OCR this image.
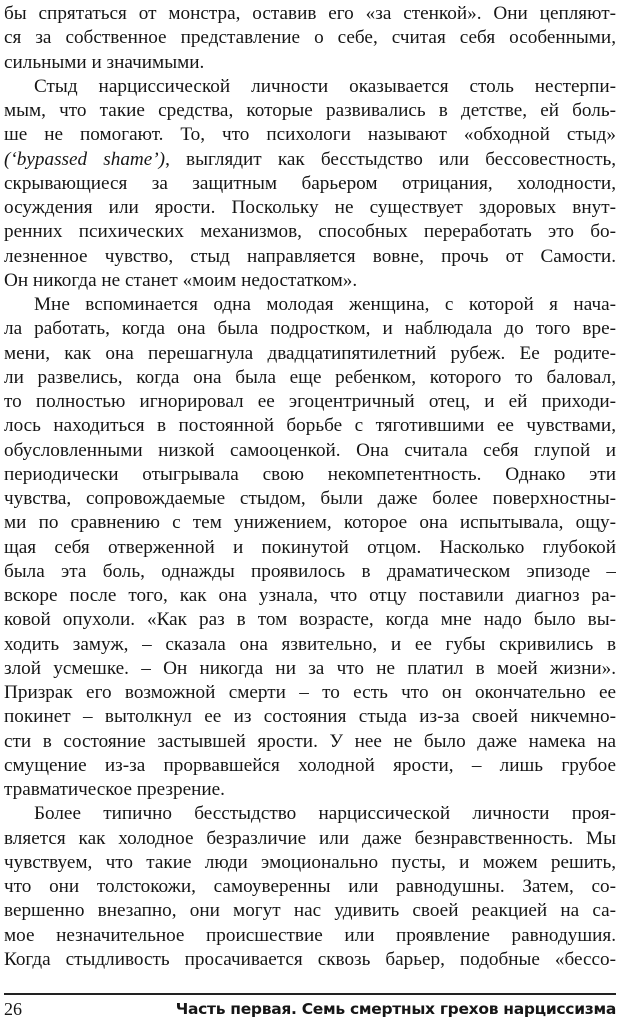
бы спрятаться от монстра, оставив его «за стенкой». Они цепляют-
ся за собственное представление о себе, считая себя особенными,
сильными и значимыми.
Стыд нарциссической личности оказывается столь нестерпи-
мым, что такие средства, которые развивались в детстве, ей боль-
ше не помогают. То, что психологи называют «обходной стыд»
(‘bypassed shame’), выглядит как бесстыдство или бессовестность,
скрывающиеся за защитным барьером отрицания, холодности,
осуждения или ярости. Поскольку не существует здоровых внут-
ренних психических механизмов, способных переработать это бо-
лезненное чувство, стыд направляется вовне, прочь от Самости.
Он никогда не станет «моим недостатком».
Мне вспоминается одна молодая женщина, с которой я нача-
ла работать, когда она была подростком, и наблюдала до того вре-
мени, как она перешагнула двадцатипятилетний рубеж. Ее родите-
ли развелись, когда она была еще ребенком, которого то баловал,
то полностью игнорировал ее эгоцентричный отец, и ей приходи-
лось находиться в постоянной борьбе с тяготившими ее чувствами,
обусловленными низкой самооценкой. Она считала себя глупой и
периодически отыгрывала свою некомпетентность. Однако эти
чувства, сопровождаемые стыдом, были даже более поверхностны-
ми по сравнению с тем унижением, которое она испытывала, ощу-
щая себя отверженной и покинутой отцом. Насколько глубокой
была эта боль, однажды проявилось в драматическом эпизоде –
вскоре после того, как она узнала, что отцу поставили диагноз ра-
ковой опухоли. «Как раз в том возрасте, когда мне надо было вы-
ходить замуж, – сказала она язвительно, и ее губы скривились в
злой усмешке. – Он никогда ни за что не платил в моей жизни».
Призрак его возможной смерти – то есть что он окончательно ее
покинет – вытолкнул ее из состояния стыда из-за своей никчемно-
сти в состояние застывшей ярости. У нее не было даже намека на
смущение из-за прорвавшейся холодной ярости, – лишь грубое
травматическое презрение.
Более типично бесстыдство нарциссической личности проя-
вляется как холодное безразличие или даже безнравственность. Мы
чувствуем, что такие люди эмоционально пусты, и можем решить,
что они толстокожи, самоуверенны или равнодушны. Затем, со-
вершенно внезапно, они могут нас удивить своей реакцией на са-
мое незначительное происшествие или проявление равнодушия.
Когда стыдливость просачивается сквозь барьер, подобные «бессо-
26	Часть первая. Семь смертных грехов нарциссизма
